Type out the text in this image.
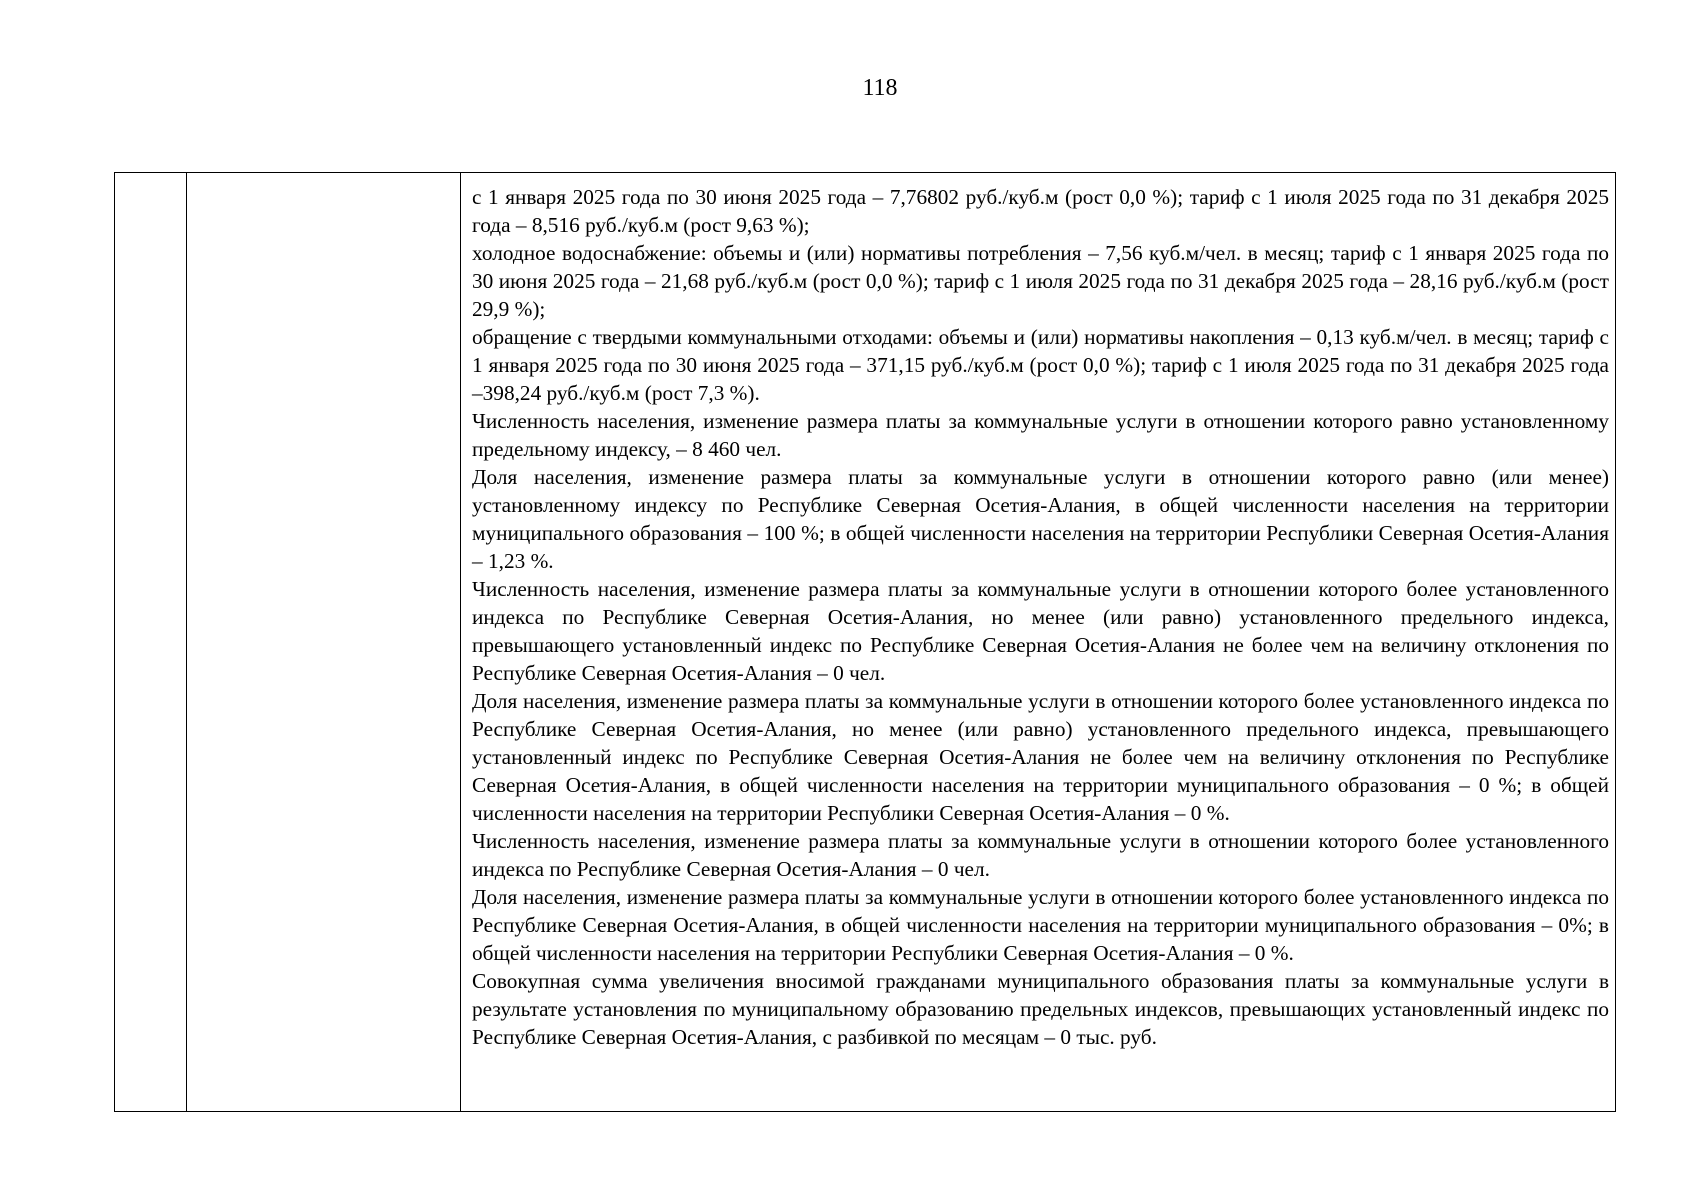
118

с 1 января 2025 года по 30 июня 2025 года – 7,76802 руб./куб.м (рост 0,0 %); тариф с 1 июля 2025 года по 31 декабря 2025 года – 8,516 руб./куб.м (рост 9,63 %);

холодное водоснабжение: объемы и (или) нормативы потребления – 7,56 куб.м/чел. в месяц; тариф с 1 января 2025 года по 30 июня 2025 года – 21,68 руб./куб.м (рост 0,0 %); тариф с 1 июля 2025 года по 31 декабря 2025 года – 28,16 руб./куб.м (рост 29,9 %);

обращение с твердыми коммунальными отходами: объемы и (или) нормативы накопления – 0,13 куб.м/чел. в месяц; тариф с 1 января 2025 года по 30 июня 2025 года – 371,15 руб./куб.м (рост 0,0 %); тариф с 1 июля 2025 года по 31 декабря 2025 года –398,24 руб./куб.м (рост 7,3 %).

Численность населения, изменение размера платы за коммунальные услуги в отношении которого равно установленному предельному индексу, – 8 460 чел.

Доля населения, изменение размера платы за коммунальные услуги в отношении которого равно (или менее) установленному индексу по Республике Северная Осетия-Алания, в общей численности населения на территории муниципального образования – 100 %; в общей численности населения на территории Республики Северная Осетия-Алания – 1,23 %.

Численность населения, изменение размера платы за коммунальные услуги в отношении которого более установленного индекса по Республике Северная Осетия-Алания, но менее (или равно) установленного предельного индекса, превышающего установленный индекс по Республике Северная Осетия-Алания не более чем на величину отклонения по Республике Северная Осетия-Алания – 0 чел.

Доля населения, изменение размера платы за коммунальные услуги в отношении которого более установленного индекса по Республике Северная Осетия-Алания, но менее (или равно) установленного предельного индекса, превышающего установленный индекс по Республике Северная Осетия-Алания не более чем на величину отклонения по Республике Северная Осетия-Алания, в общей численности населения на территории муниципального образования – 0 %; в общей численности населения на территории Республики Северная Осетия-Алания – 0 %.

Численность населения, изменение размера платы за коммунальные услуги в отношении которого более установленного индекса по Республике Северная Осетия-Алания – 0 чел.

Доля населения, изменение размера платы за коммунальные услуги в отношении которого более установленного индекса по Республике Северная Осетия-Алания, в общей численности населения на территории муниципального образования – 0%; в общей численности населения на территории Республики Северная Осетия-Алания – 0 %.

Совокупная сумма увеличения вносимой гражданами муниципального образования платы за коммунальные услуги в результате установления по муниципальному образованию предельных индексов, превышающих установленный индекс по Республике Северная Осетия-Алания, с разбивкой по месяцам – 0 тыс. руб.
